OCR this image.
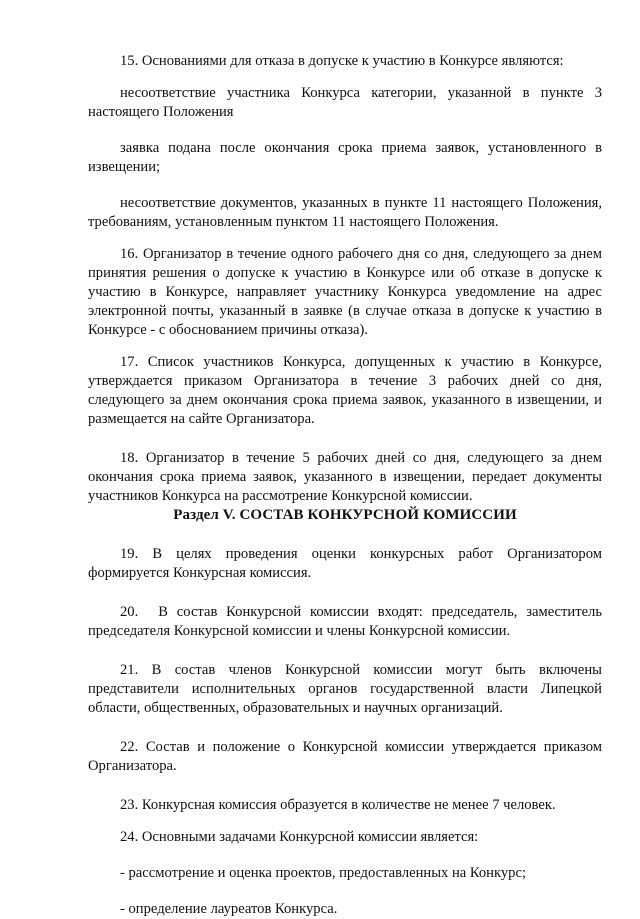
15. Основаниями для отказа в допуске к участию в Конкурсе являются:

несоответствие участника Конкурса категории, указанной в пункте 3 настоящего Положения

заявка подана после окончания срока приема заявок, установленного в извещении;

несоответствие документов, указанных в пункте 11 настоящего Положения, требованиям, установленным пунктом 11 настоящего Положения.

16. Организатор в течение одного рабочего дня со дня, следующего за днем принятия решения о допуске к участию в Конкурсе или об отказе в допуске к участию в Конкурсе, направляет участнику Конкурса уведомление на адрес электронной почты, указанный в заявке (в случае отказа в допуске к участию в Конкурсе - с обоснованием причины отказа).

17. Список участников Конкурса, допущенных к участию в Конкурсе, утверждается приказом Организатора в течение 3 рабочих дней со дня, следующего за днем окончания срока приема заявок, указанного в извещении, и размещается на сайте Организатора.

18. Организатор в течение 5 рабочих дней со дня, следующего за днем окончания срока приема заявок, указанного в извещении, передает документы участников Конкурса на рассмотрение Конкурсной комиссии.

Раздел V. СОСТАВ КОНКУРСНОЙ КОМИССИИ

19. В целях проведения оценки конкурсных работ Организатором формируется Конкурсная комиссия.

20. В состав Конкурсной комиссии входят: председатель, заместитель председателя Конкурсной комиссии и члены Конкурсной комиссии.

21. В состав членов Конкурсной комиссии могут быть включены представители исполнительных органов государственной власти Липецкой области, общественных, образовательных и научных организаций.

22. Состав и положение о Конкурсной комиссии утверждается приказом Организатора.

23. Конкурсная комиссия образуется в количестве не менее 7 человек.

24. Основными задачами Конкурсной комиссии является:

- рассмотрение и оценка проектов, предоставленных на Конкурс;

- определение лауреатов Конкурса.
